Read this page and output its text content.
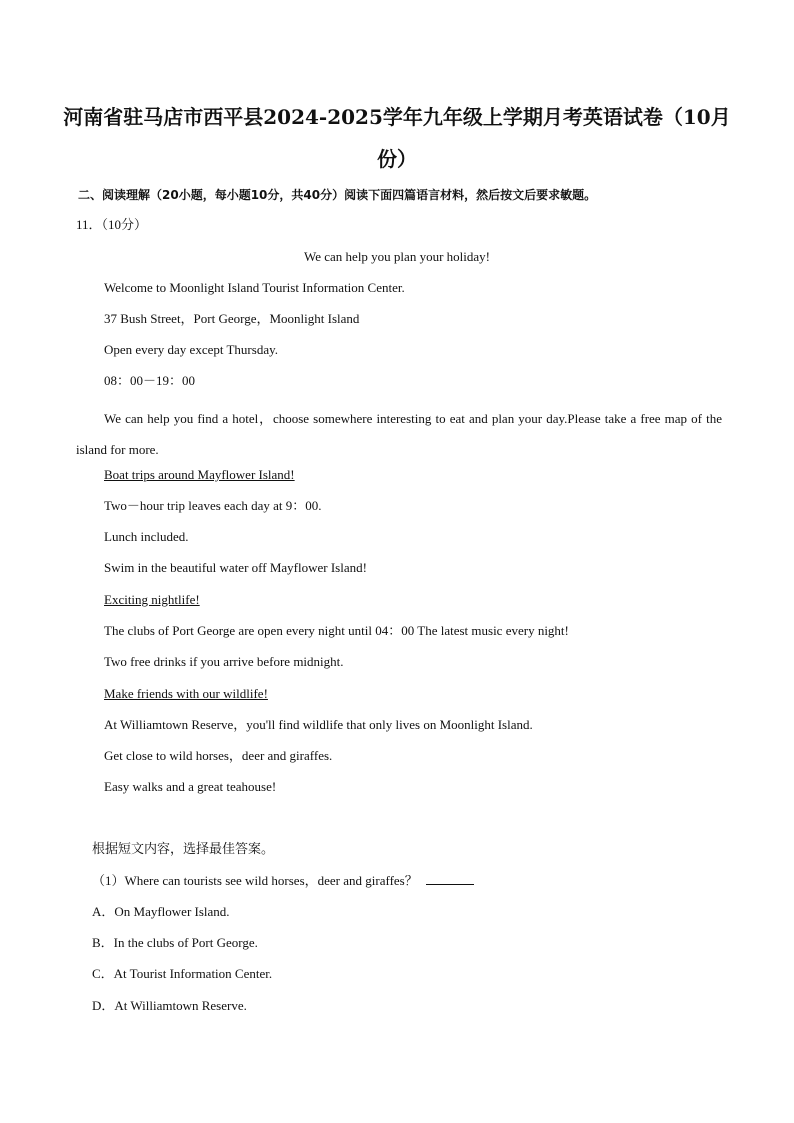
河南省驻马店市西平县2024-2025学年九年级上学期月考英语试卷（10月份）
二、阅读理解（20小题，每小题10分，共40分）阅读下面四篇语言材料，然后按文后要求敏题。
11．（10分）
We can help you plan your holiday!
Welcome to Moonlight Island Tourist Information Center.
37 Bush Street，Port George，Moonlight Island
Open every day except Thursday.
08：00－19：00

We can help you find a hotel，choose somewhere interesting to eat and plan your day.Please take a free map of the island for more.

Boat trips around Mayflower Island!
Two－hour trip leaves each day at 9：00.
Lunch included.
Swim in the beautiful water off Mayflower Island!
Exciting nightlife!
The clubs of Port George are open every night until 04：00 The latest music every night!
Two free drinks if you arrive before midnight.
Make friends with our wildlife!
At Williamtown Reserve，you'll find wildlife that only lives on Moonlight Island.
Get close to wild horses，deer and giraffes.
Easy walks and a great teahouse!
根据短文内容，选择最佳答案。
（1）Where can tourists see wild horses，deer and giraffes？
A．On Mayflower Island.
B．In the clubs of Port George.
C．At Tourist Information Center.
D．At Williamtown Reserve.
